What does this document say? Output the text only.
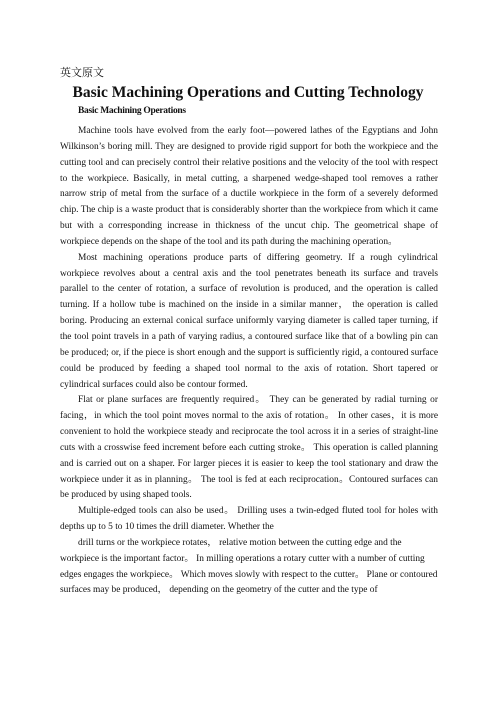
英文原文
Basic Machining Operations and Cutting Technology
Basic Machining Operations

Machine tools have evolved from the early foot—powered lathes of the Egyptians and John Wilkinson’s boring mill. They are designed to provide rigid support for both the workpiece and the cutting tool and can precisely control their relative positions and the velocity of the tool with respect to the workpiece. Basically, in metal cutting, a sharpened wedge-shaped tool removes a rather narrow strip of metal from the surface of a ductile workpiece in the form of a severely deformed chip. The chip is a waste product that is considerably shorter than the workpiece from which it came but with a corresponding increase in thickness of the uncut chip. The geometrical shape of workpiece depends on the shape of the tool and its path during the machining operation。

Most machining operations produce parts of differing geometry. If a rough cylindrical workpiece revolves about a central axis and the tool penetrates beneath its surface and travels parallel to the center of rotation, a surface of revolution is produced, and the operation is called turning. If a hollow tube is machined on the inside in a similar manner， the operation is called boring. Producing an external conical surface uniformly varying diameter is called taper turning, if the tool point travels in a path of varying radius, a contoured surface like that of a bowling pin can be produced; or, if the piece is short enough and the support is sufficiently rigid, a contoured surface could be produced by feeding a shaped tool normal to the axis of rotation. Short tapered or cylindrical surfaces could also be contour formed.

Flat or plane surfaces are frequently required。 They can be generated by radial turning or facing，in which the tool point moves normal to the axis of rotation。 In other cases，it is more convenient to hold the workpiece steady and reciprocate the tool across it in a series of straight-line cuts with a crosswise feed increment before each cutting stroke。 This operation is called planning and is carried out on a shaper. For larger pieces it is easier to keep the tool stationary and draw the workpiece under it as in planning。 The tool is fed at each reciprocation。Contoured surfaces can be produced by using shaped tools.

Multiple-edged tools can also be used。 Drilling uses a twin-edged fluted tool for holes with depths up to 5 to 10 times the drill diameter. Whether the

drill turns or the workpiece rotates， relative motion between the cutting edge and the workpiece is the important factor。 In milling operations a rotary cutter with a number of cutting edges engages the workpiece。 Which moves slowly with respect to the cutter。 Plane or contoured surfaces may be produced， depending on the geometry of the cutter and the type of
